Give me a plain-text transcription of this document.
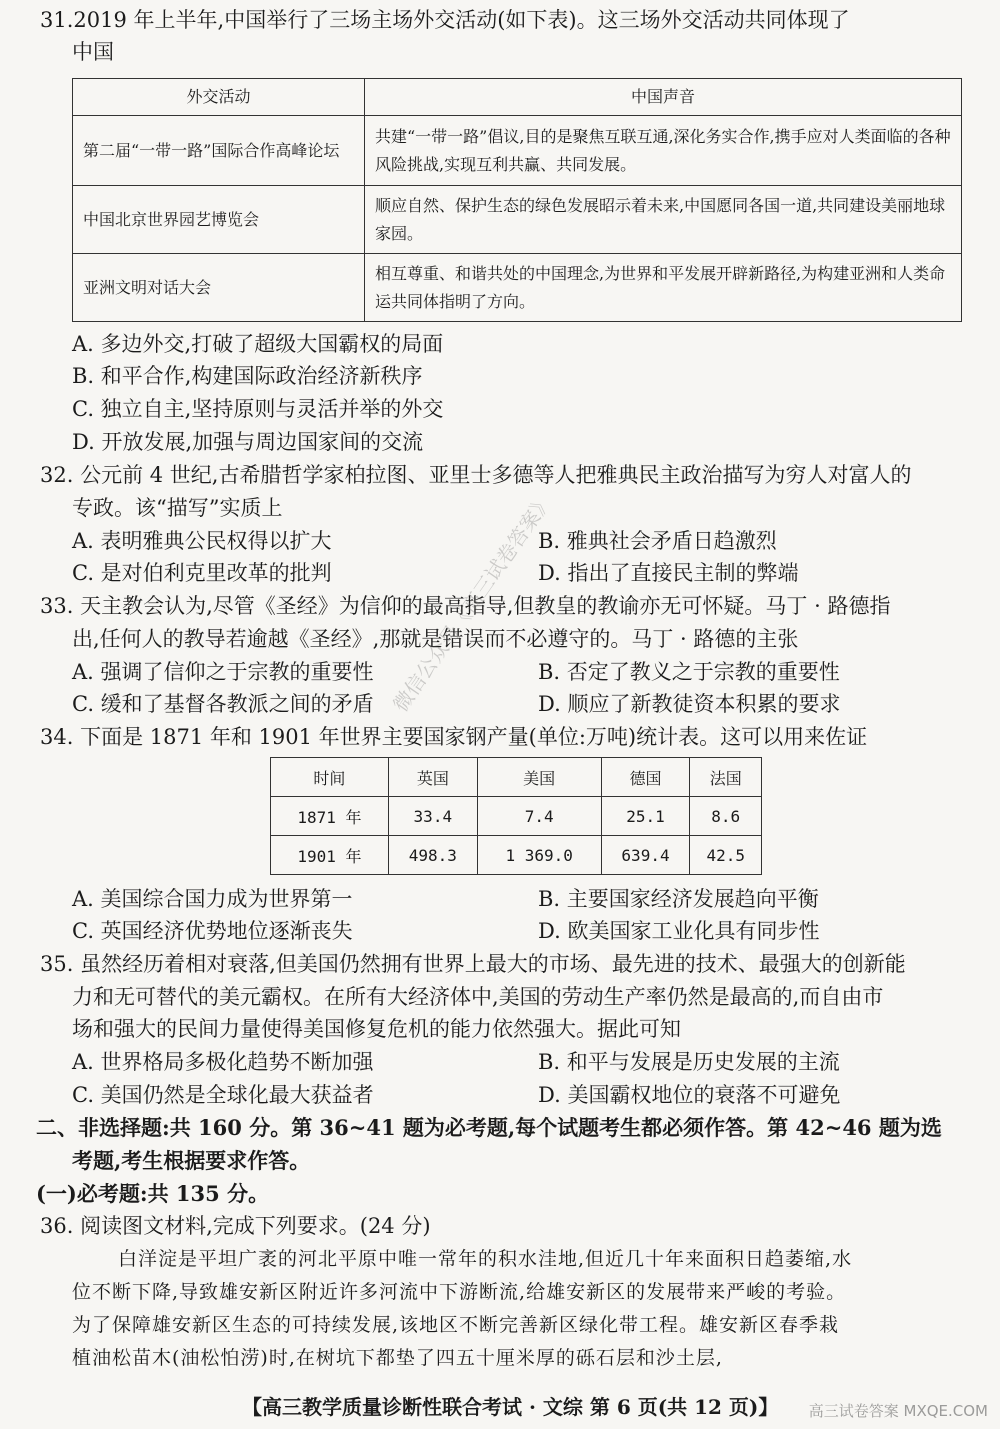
31.2019 年上半年,中国举行了三场主场外交活动(如下表)。这三场外交活动共同体现了
中国
外交活动	中国声音
第二届“一带一路”国际合作高峰论坛	共建“一带一路”倡议,目的是聚焦互联互通,深化务实合作,携手应对人类面临的各种风险挑战,实现互利共赢、共同发展。
中国北京世界园艺博览会	顺应自然、保护生态的绿色发展昭示着未来,中国愿同各国一道,共同建设美丽地球家园。
亚洲文明对话大会	相互尊重、和谐共处的中国理念,为世界和平发展开辟新路径,为构建亚洲和人类命运共同体指明了方向。
A. 多边外交,打破了超级大国霸权的局面
B. 和平合作,构建国际政治经济新秩序
C. 独立自主,坚持原则与灵活并举的外交
D. 开放发展,加强与周边国家间的交流
32. 公元前 4 世纪,古希腊哲学家柏拉图、亚里士多德等人把雅典民主政治描写为穷人对富人的
专政。该“描写”实质上
A. 表明雅典公民权得以扩大	B. 雅典社会矛盾日趋激烈
C. 是对伯利克里改革的批判	D. 指出了直接民主制的弊端
33. 天主教会认为,尽管《圣经》为信仰的最高指导,但教皇的教谕亦无可怀疑。马丁 · 路德指
出,任何人的教导若逾越《圣经》,那就是错误而不必遵守的。马丁 · 路德的主张
A. 强调了信仰之于宗教的重要性	B. 否定了教义之于宗教的重要性
C. 缓和了基督各教派之间的矛盾	D. 顺应了新教徒资本积累的要求
34. 下面是 1871 年和 1901 年世界主要国家钢产量(单位:万吨)统计表。这可以用来佐证
时间	英国	美国	德国	法国
1871 年	33.4	7.4	25.1	8.6
1901 年	498.3	1 369.0	639.4	42.5
A. 美国综合国力成为世界第一	B. 主要国家经济发展趋向平衡
C. 英国经济优势地位逐渐丧失	D. 欧美国家工业化具有同步性
35. 虽然经历着相对衰落,但美国仍然拥有世界上最大的市场、最先进的技术、最强大的创新能
力和无可替代的美元霸权。在所有大经济体中,美国的劳动生产率仍然是最高的,而自由市
场和强大的民间力量使得美国修复危机的能力依然强大。据此可知
A. 世界格局多极化趋势不断加强	B. 和平与发展是历史发展的主流
C. 美国仍然是全球化最大获益者	D. 美国霸权地位的衰落不可避免
二、非选择题:共 160 分。第 36~41 题为必考题,每个试题考生都必须作答。第 42~46 题为选
考题,考生根据要求作答。
(一)必考题:共 135 分。
36. 阅读图文材料,完成下列要求。(24 分)
白洋淀是平坦广袤的河北平原中唯一常年的积水洼地,但近几十年来面积日趋萎缩,水
位不断下降,导致雄安新区附近许多河流中下游断流,给雄安新区的发展带来严峻的考验。
为了保障雄安新区生态的可持续发展,该地区不断完善新区绿化带工程。雄安新区春季栽
植油松苗木(油松怕涝)时,在树坑下都垫了四五十厘米厚的砾石层和沙土层,
【高三教学质量诊断性联合考试 · 文综 第 6 页(共 12 页)】
微信公众号《高三试卷答案》
高三试卷答案 MXQE.COM
